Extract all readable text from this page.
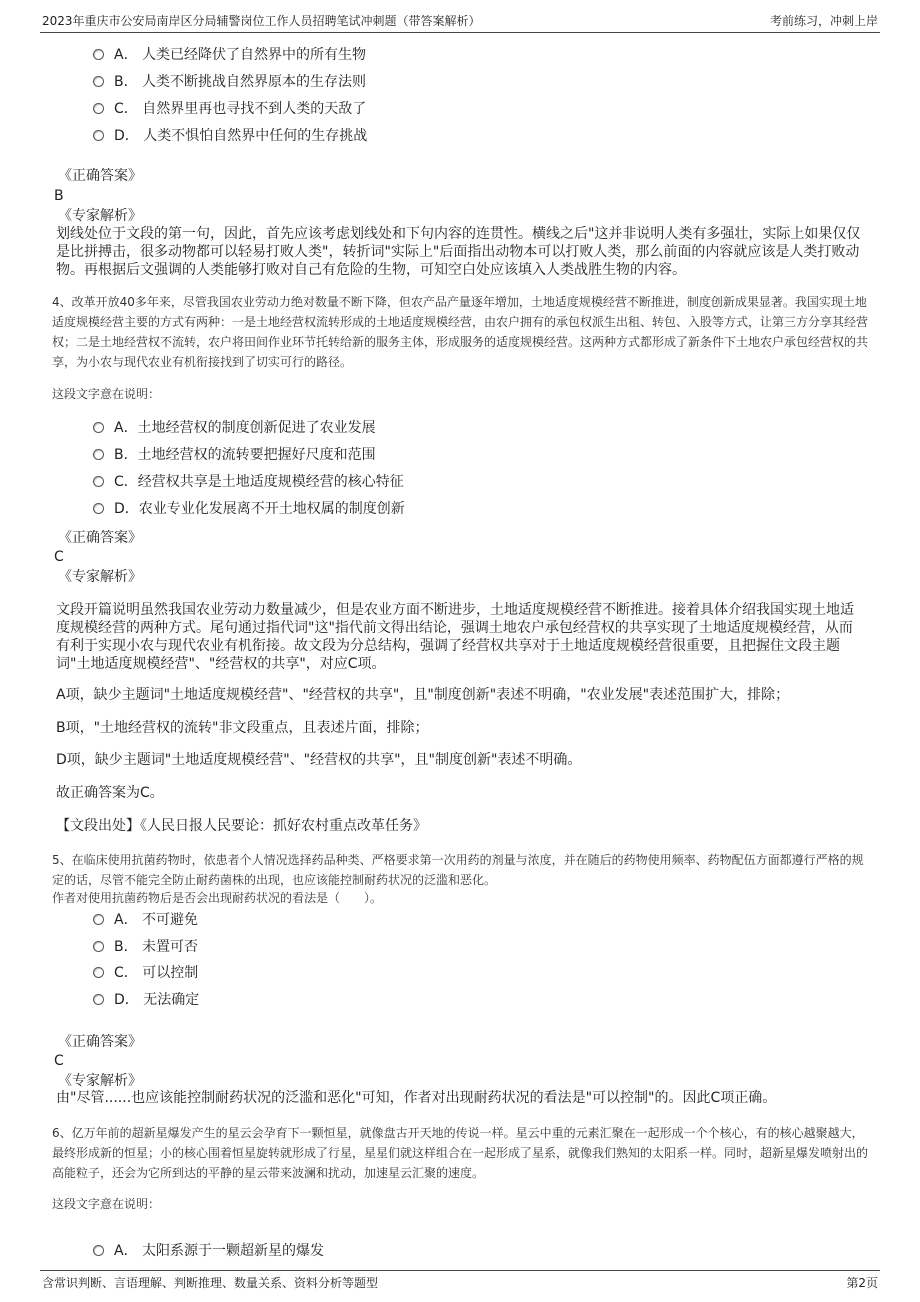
2023年重庆市公安局南岸区分局辅警岗位工作人员招聘笔试冲刺题（带答案解析）	考前练习，冲刺上岸
A． 人类已经降伏了自然界中的所有生物
B． 人类不断挑战自然界原本的生存法则
C． 自然界里再也寻找不到人类的天敌了
D． 人类不惧怕自然界中任何的生存挑战
《正确答案》
B
《专家解析》
划线处位于文段的第一句，因此，首先应该考虑划线处和下句内容的连贯性。横线之后"这并非说明人类有多强壮，实际上如果仅仅是比拼搏击，很多动物都可以轻易打败人类"，转折词"实际上"后面指出动物本可以打败人类，那么前面的内容就应该是人类打败动物。再根据后文强调的人类能够打败对自己有危险的生物，可知空白处应该填入人类战胜生物的内容。
4、改革开放40多年来，尽管我国农业劳动力绝对数量不断下降，但农产品产量逐年增加，土地适度规模经营不断推进，制度创新成果显著。我国实现土地适度规模经营主要的方式有两种：一是土地经营权流转形成的土地适度规模经营，由农户拥有的承包权派生出租、转包、入股等方式，让第三方分享其经营权；二是土地经营权不流转，农户将田间作业环节托转给新的服务主体，形成服务的适度规模经营。这两种方式都形成了新条件下土地农户承包经营权的共享，为小农与现代农业有机衔接找到了切实可行的路径。
这段文字意在说明：
A．土地经营权的制度创新促进了农业发展
B．土地经营权的流转要把握好尺度和范围
C．经营权共享是土地适度规模经营的核心特征
D．农业专业化发展离不开土地权属的制度创新
《正确答案》
C
《专家解析》
文段开篇说明虽然我国农业劳动力数量减少，但是农业方面不断进步，土地适度规模经营不断推进。接着具体介绍我国实现土地适度规模经营的两种方式。尾句通过指代词"这"指代前文得出结论，强调土地农户承包经营权的共享实现了土地适度规模经营，从而有利于实现小农与现代农业有机衔接。故文段为分总结构，强调了经营权共享对于土地适度规模经营很重要，且把握住文段主题词"土地适度规模经营"、"经营权的共享"，对应C项。
A项，缺少主题词"土地适度规模经营"、"经营权的共享"，且"制度创新"表述不明确，"农业发展"表述范围扩大，排除；
B项，"土地经营权的流转"非文段重点，且表述片面，排除；
D项，缺少主题词"土地适度规模经营"、"经营权的共享"，且"制度创新"表述不明确。
故正确答案为C。
【文段出处】《人民日报人民要论：抓好农村重点改革任务》
5、在临床使用抗菌药物时，依患者个人情况选择药品种类、严格要求第一次用药的剂量与浓度，并在随后的药物使用频率、药物配伍方面都遵行严格的规定的话，尽管不能完全防止耐药菌株的出现，也应该能控制耐药状况的泛滥和恶化。
作者对使用抗菌药物后是否会出现耐药状况的看法是（　　）。
A． 不可避免
B． 未置可否
C． 可以控制
D． 无法确定
《正确答案》
C
《专家解析》
由"尽管......也应该能控制耐药状况的泛滥和恶化"可知，作者对出现耐药状况的看法是"可以控制"的。因此C项正确。
6、亿万年前的超新星爆发产生的星云会孕育下一颗恒星，就像盘古开天地的传说一样。星云中重的元素汇聚在一起形成一个个核心，有的核心越聚越大，最终形成新的恒星；小的核心围着恒星旋转就形成了行星，星星们就这样组合在一起形成了星系，就像我们熟知的太阳系一样。同时，超新星爆发喷射出的高能粒子，还会为它所到达的平静的星云带来波澜和扰动，加速星云汇聚的速度。
这段文字意在说明：
A． 太阳系源于一颗超新星的爆发
含常识判断、言语理解、判断推理、数量关系、资料分析等题型	第2页
